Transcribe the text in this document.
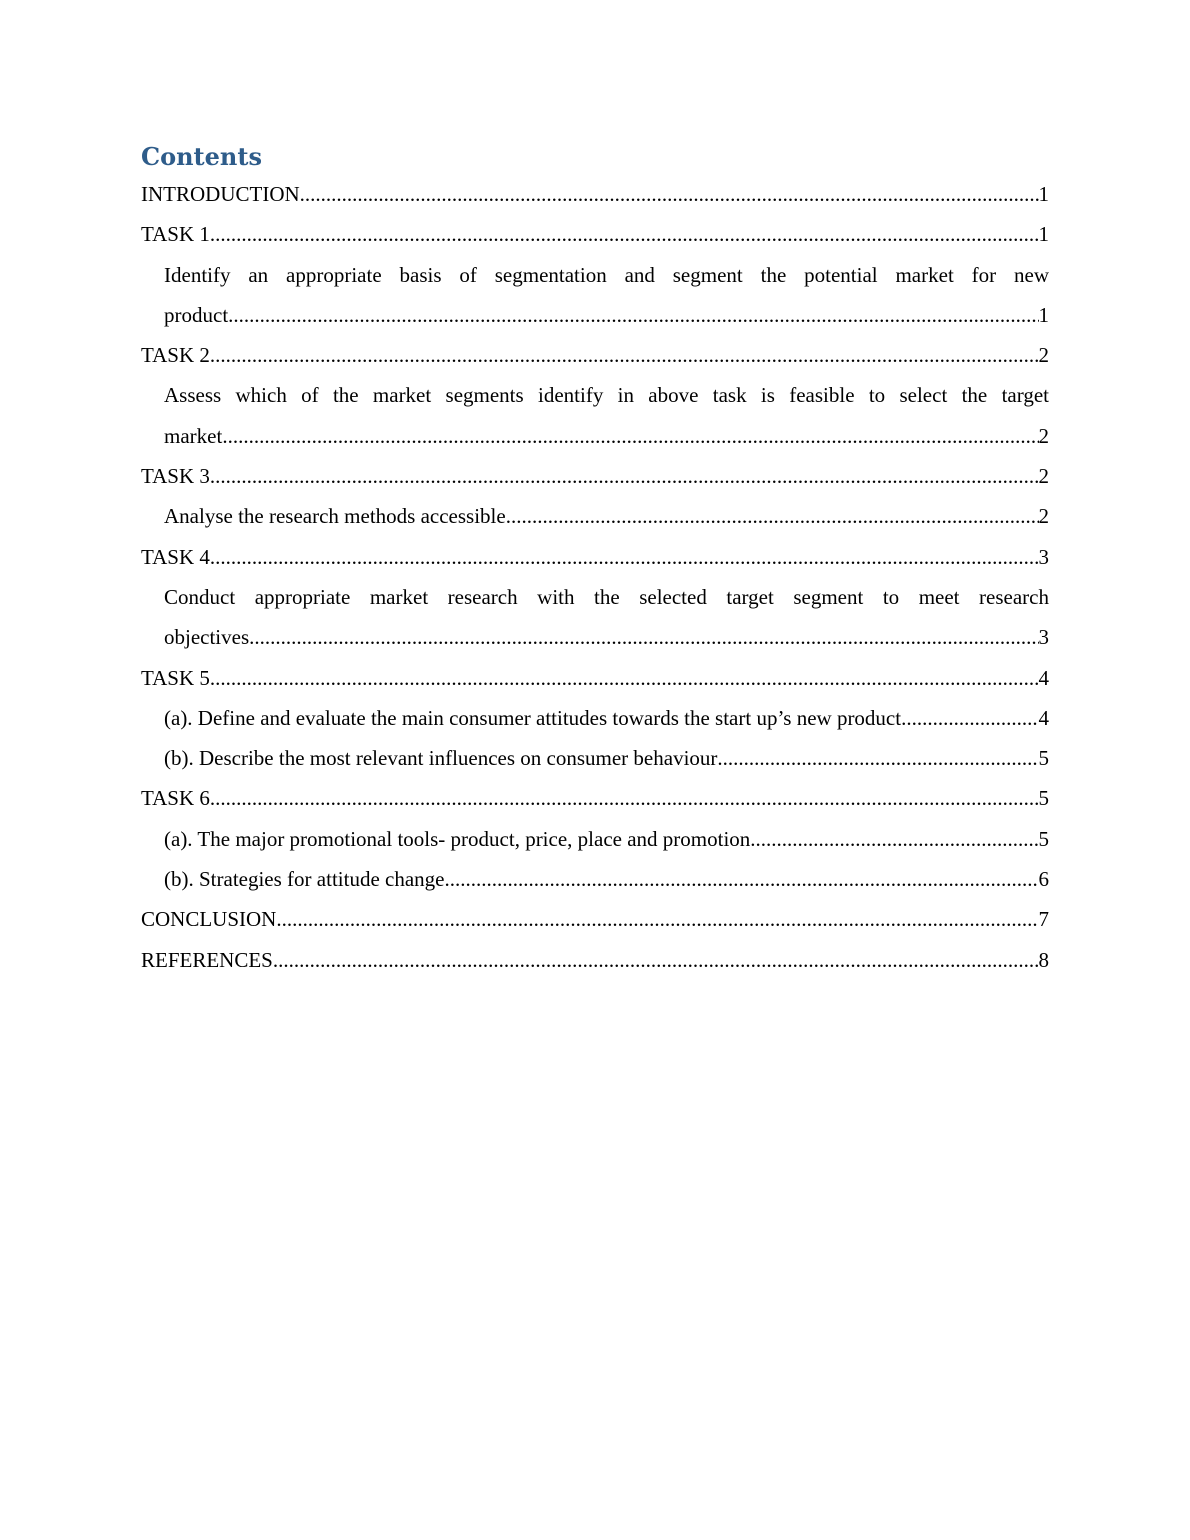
Contents
INTRODUCTION .....	1
TASK 1 .....	1
Identify an appropriate basis of segmentation and segment the potential market for new
product .....	1
TASK 2 .....	2
Assess which of the market segments identify in above task is feasible to select the target
market .....	2
TASK 3 .....	2
Analyse the research methods accessible .....	2
TASK 4 .....	3
Conduct appropriate market research with the selected target segment to meet research
objectives .....	3
TASK 5 .....	4
(a). Define and evaluate the main consumer attitudes towards the start up’s new product .....	4
(b). Describe the most relevant influences on consumer behaviour .....	5
TASK 6 .....	5
(a). The major promotional tools- product, price, place and promotion .....	5
(b). Strategies for attitude change .....	6
CONCLUSION .....	7
REFERENCES .....	8
